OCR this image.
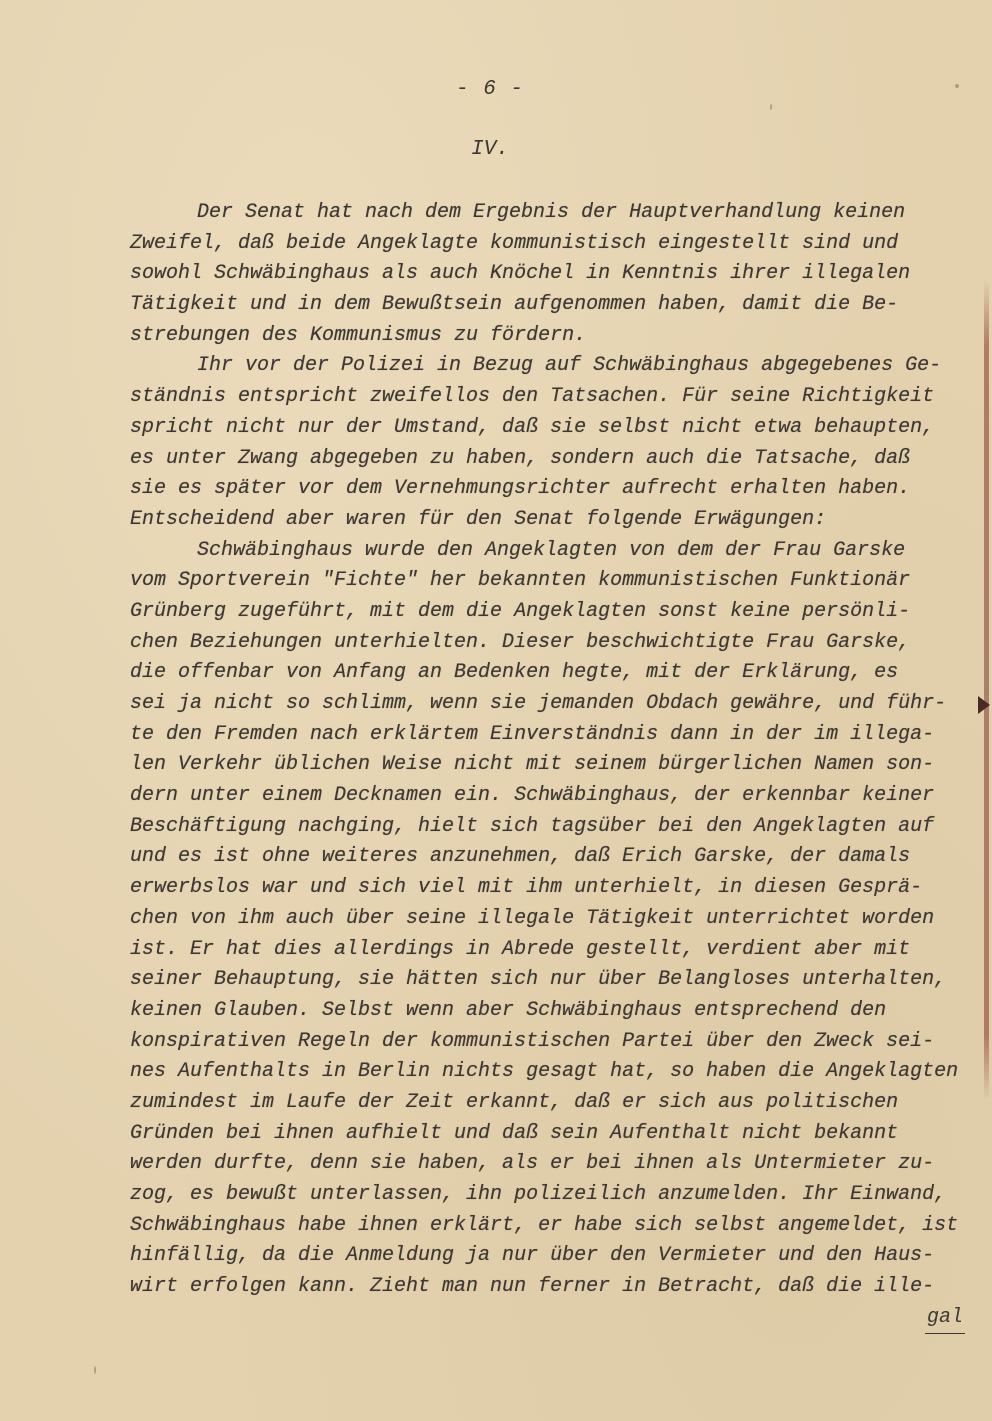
- 6 -
IV.
Der Senat hat nach dem Ergebnis der Hauptverhandlung keinen
Zweifel, daß beide Angeklagte kommunistisch eingestellt sind und
sowohl Schwäbinghaus als auch Knöchel in Kenntnis ihrer illegalen
Tätigkeit und in dem Bewußtsein aufgenommen haben, damit die Be-
strebungen des Kommunismus zu fördern.
Ihr vor der Polizei in Bezug auf Schwäbinghaus abgegebenes Ge-
ständnis entspricht zweifellos den Tatsachen. Für seine Richtigkeit
spricht nicht nur der Umstand, daß sie selbst nicht etwa behaupten,
es unter Zwang abgegeben zu haben, sondern auch die Tatsache, daß
sie es später vor dem Vernehmungsrichter aufrecht erhalten haben.
Entscheidend aber waren für den Senat folgende Erwägungen:
Schwäbinghaus wurde den Angeklagten von dem der Frau Garske
vom Sportverein "Fichte" her bekannten kommunistischen Funktionär
Grünberg zugeführt, mit dem die Angeklagten sonst keine persönli-
chen Beziehungen unterhielten. Dieser beschwichtigte Frau Garske,
die offenbar von Anfang an Bedenken hegte, mit der Erklärung, es
sei ja nicht so schlimm, wenn sie jemanden Obdach gewähre, und führ-
te den Fremden nach erklärtem Einverständnis dann in der im illega-
len Verkehr üblichen Weise nicht mit seinem bürgerlichen Namen son-
dern unter einem Decknamen ein. Schwäbinghaus, der erkennbar keiner
Beschäftigung nachging, hielt sich tagsüber bei den Angeklagten auf
und es ist ohne weiteres anzunehmen, daß Erich Garske, der damals
erwerbslos war und sich viel mit ihm unterhielt, in diesen Gesprä-
chen von ihm auch über seine illegale Tätigkeit unterrichtet worden
ist. Er hat dies allerdings in Abrede gestellt, verdient aber mit
seiner Behauptung, sie hätten sich nur über Belangloses unterhalten,
keinen Glauben. Selbst wenn aber Schwäbinghaus entsprechend den
konspirativen Regeln der kommunistischen Partei über den Zweck sei-
nes Aufenthalts in Berlin nichts gesagt hat, so haben die Angeklagten
zumindest im Laufe der Zeit erkannt, daß er sich aus politischen
Gründen bei ihnen aufhielt und daß sein Aufenthalt nicht bekannt
werden durfte, denn sie haben, als er bei ihnen als Untermieter zu-
zog, es bewußt unterlassen, ihn polizeilich anzumelden. Ihr Einwand,
Schwäbinghaus habe ihnen erklärt, er habe sich selbst angemeldet, ist
hinfällig, da die Anmeldung ja nur über den Vermieter und den Haus-
wirt erfolgen kann. Zieht man nun ferner in Betracht, daß die ille-
gal
